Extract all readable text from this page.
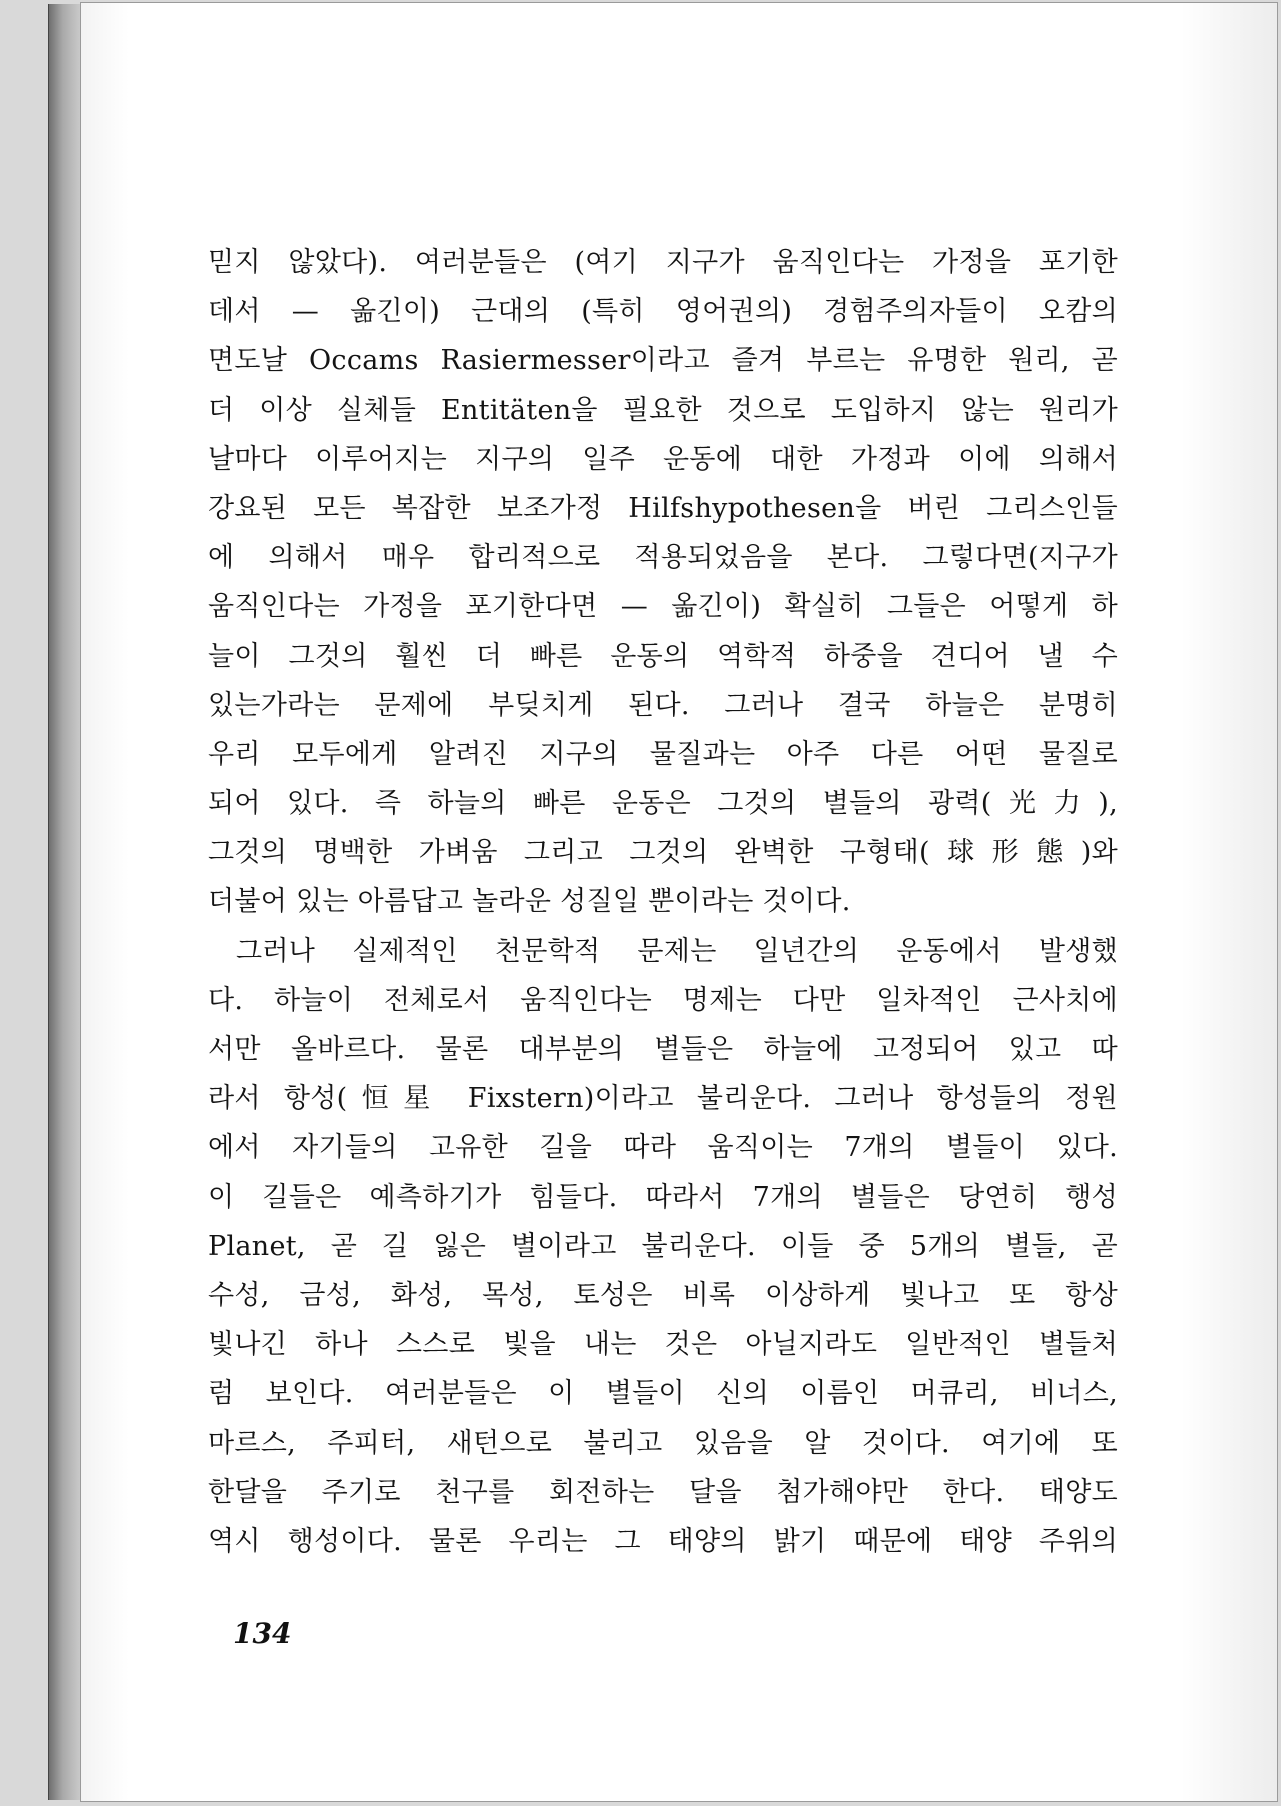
믿지 않았다). 여러분들은 (여기 지구가 움직인다는 가정을 포기한
데서 — 옮긴이) 근대의 (특히 영어권의) 경험주의자들이 오캄의
면도날 Occams Rasiermesser이라고 즐겨 부르는 유명한 원리, 곧
더 이상 실체들 Entitäten을 필요한 것으로 도입하지 않는 원리가
날마다 이루어지는 지구의 일주 운동에 대한 가정과 이에 의해서
강요된 모든 복잡한 보조가정 Hilfshypothesen을 버린 그리스인들
에 의해서 매우 합리적으로 적용되었음을 본다. 그렇다면(지구가
움직인다는 가정을 포기한다면 — 옮긴이) 확실히 그들은 어떻게 하
늘이 그것의 훨씬 더 빠른 운동의 역학적 하중을 견디어 낼 수
있는가라는 문제에 부딪치게 된다. 그러나 결국 하늘은 분명히
우리 모두에게 알려진 지구의 물질과는 아주 다른 어떤 물질로
되어 있다. 즉 하늘의 빠른 운동은 그것의 별들의 광력(光力),
그것의 명백한 가벼움 그리고 그것의 완벽한 구형태(球形態)와
더불어 있는 아름답고 놀라운 성질일 뿐이라는 것이다.
그러나 실제적인 천문학적 문제는 일년간의 운동에서 발생했
다. 하늘이 전체로서 움직인다는 명제는 다만 일차적인 근사치에
서만 올바르다. 물론 대부분의 별들은 하늘에 고정되어 있고 따
라서 항성(恒星 Fixstern)이라고 불리운다. 그러나 항성들의 정원
에서 자기들의 고유한 길을 따라 움직이는 7개의 별들이 있다.
이 길들은 예측하기가 힘들다. 따라서 7개의 별들은 당연히 행성
Planet, 곧 길 잃은 별이라고 불리운다. 이들 중 5개의 별들, 곧
수성, 금성, 화성, 목성, 토성은 비록 이상하게 빛나고 또 항상
빛나긴 하나 스스로 빛을 내는 것은 아닐지라도 일반적인 별들처
럼 보인다. 여러분들은 이 별들이 신의 이름인 머큐리, 비너스,
마르스, 주피터, 새턴으로 불리고 있음을 알 것이다. 여기에 또
한달을 주기로 천구를 회전하는 달을 첨가해야만 한다. 태양도
역시 행성이다. 물론 우리는 그 태양의 밝기 때문에 태양 주위의
134
